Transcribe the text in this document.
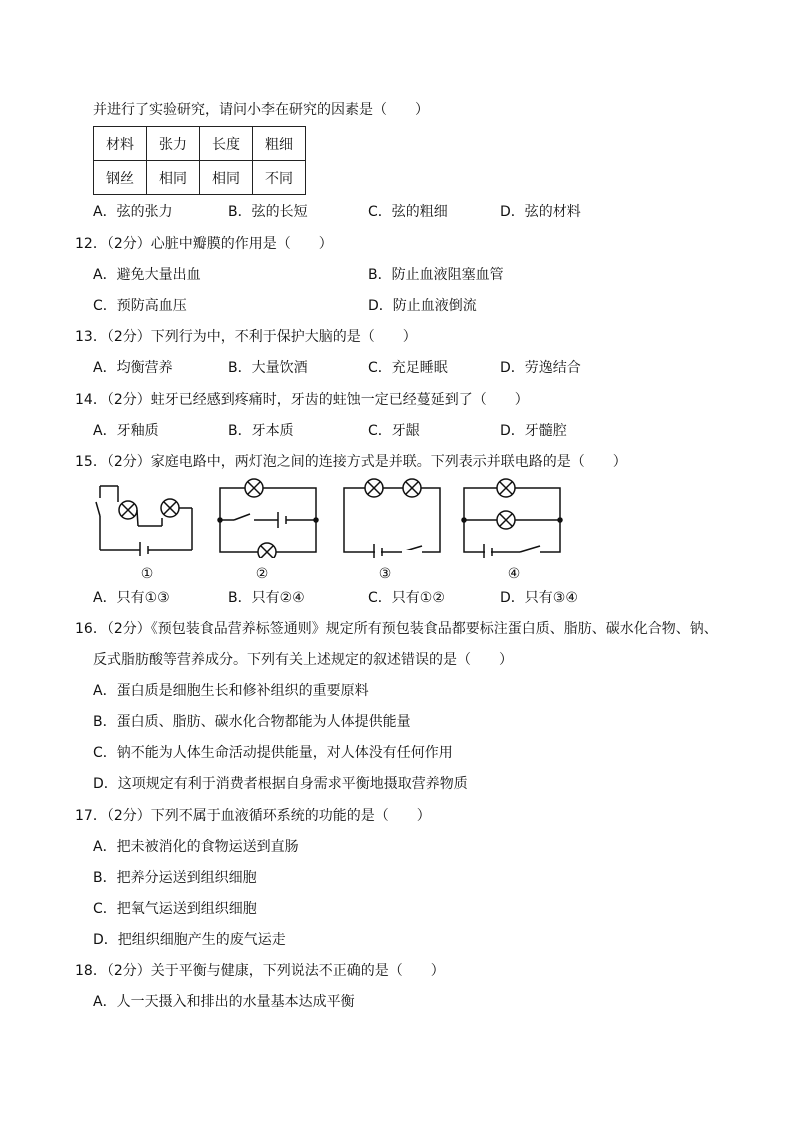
并进行了实验研究，请问小李在研究的因素是（　　）
材料	张力	长度	粗细
钢丝	相同	相同	不同
A．弦的张力	B．弦的长短	C．弦的粗细	D．弦的材料
12．（2分）心脏中瓣膜的作用是（　　）
A．避免大量出血	B．防止血液阻塞血管
C．预防高血压	D．防止血液倒流
13．（2分）下列行为中，不利于保护大脑的是（　　）
A．均衡营养	B．大量饮酒	C．充足睡眠	D．劳逸结合
14．（2分）蛀牙已经感到疼痛时，牙齿的蛀蚀一定已经蔓延到了（　　）
A．牙釉质	B．牙本质	C．牙龈	D．牙髓腔
15．（2分）家庭电路中，两灯泡之间的连接方式是并联。下列表示并联电路的是（　　）
①	②	③	④
A．只有①③	B．只有②④	C．只有①②	D．只有③④
16．（2分）《预包装食品营养标签通则》规定所有预包装食品都要标注蛋白质、脂肪、碳水化合物、钠、
反式脂肪酸等营养成分。下列有关上述规定的叙述错误的是（　　）
A．蛋白质是细胞生长和修补组织的重要原料
B．蛋白质、脂肪、碳水化合物都能为人体提供能量
C．钠不能为人体生命活动提供能量，对人体没有任何作用
D．这项规定有利于消费者根据自身需求平衡地摄取营养物质
17．（2分）下列不属于血液循环系统的功能的是（　　）
A．把未被消化的食物运送到直肠
B．把养分运送到组织细胞
C．把氧气运送到组织细胞
D．把组织细胞产生的废气运走
18．（2分）关于平衡与健康，下列说法不正确的是（　　）
A．人一天摄入和排出的水量基本达成平衡
